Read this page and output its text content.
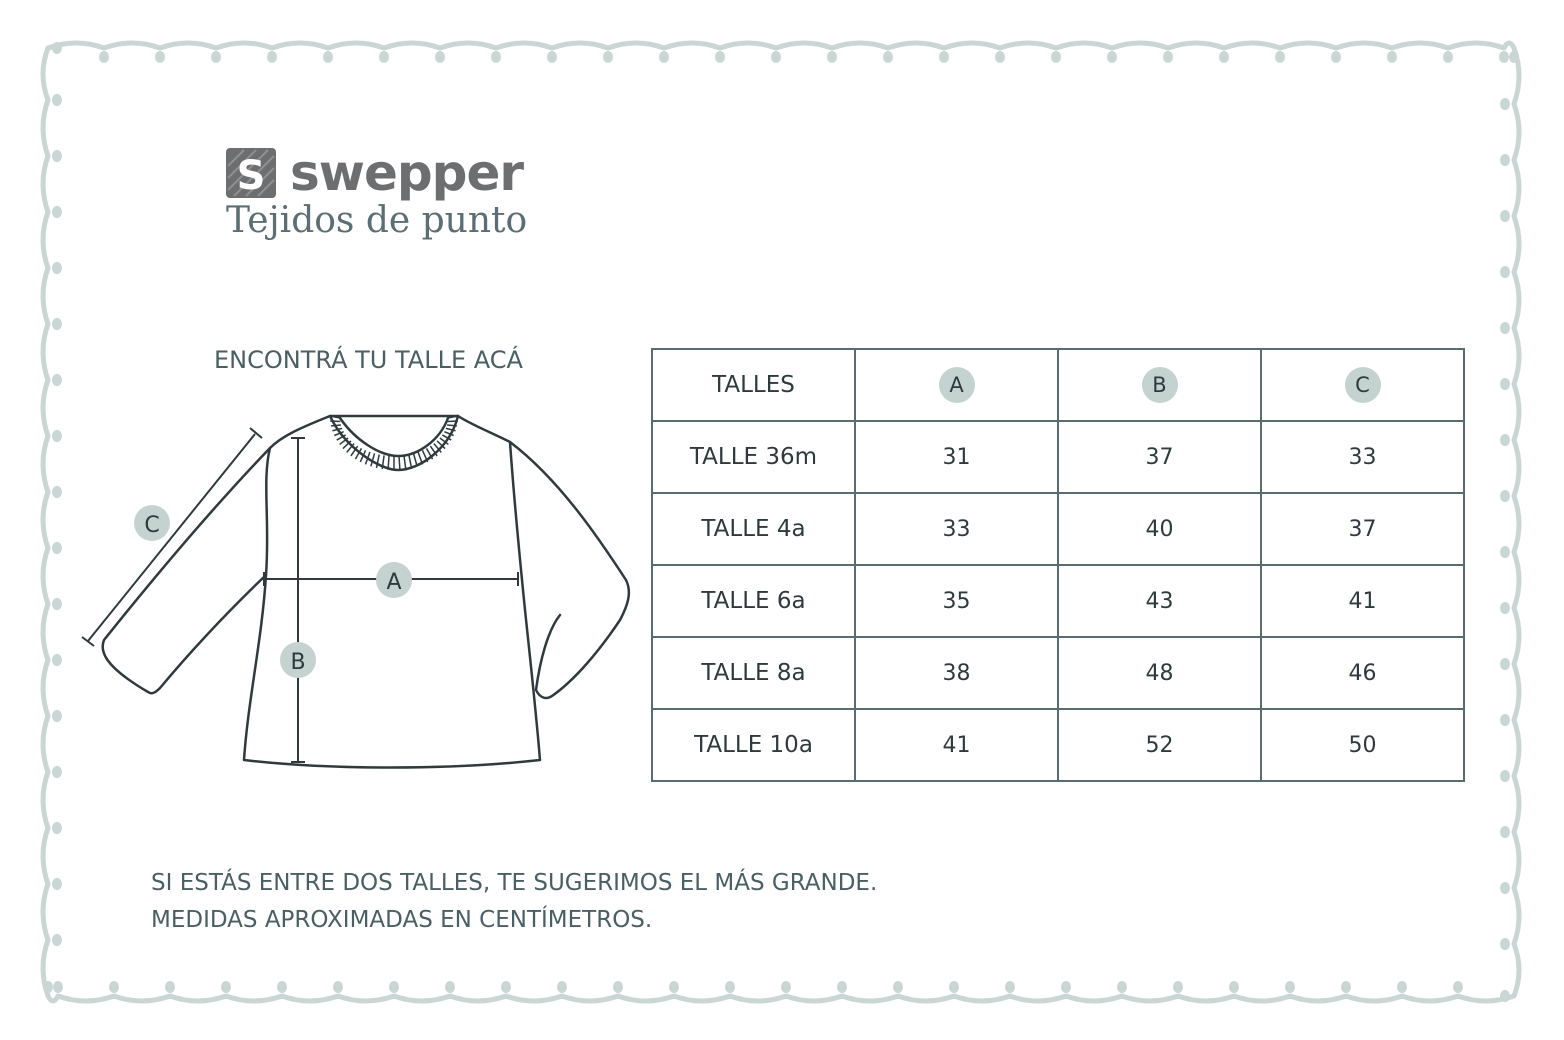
S swepper
Tejidos de punto
ENCONTRÁ TU TALLE ACÁ
A
B
C
TALLES	A	B	C
TALLE 36m	31	37	33
TALLE 4a	33	40	37
TALLE 6a	35	43	41
TALLE 8a	38	48	46
TALLE 10a	41	52	50
SI ESTÁS ENTRE DOS TALLES, TE SUGERIMOS EL MÁS GRANDE.
MEDIDAS APROXIMADAS EN CENTÍMETROS.
